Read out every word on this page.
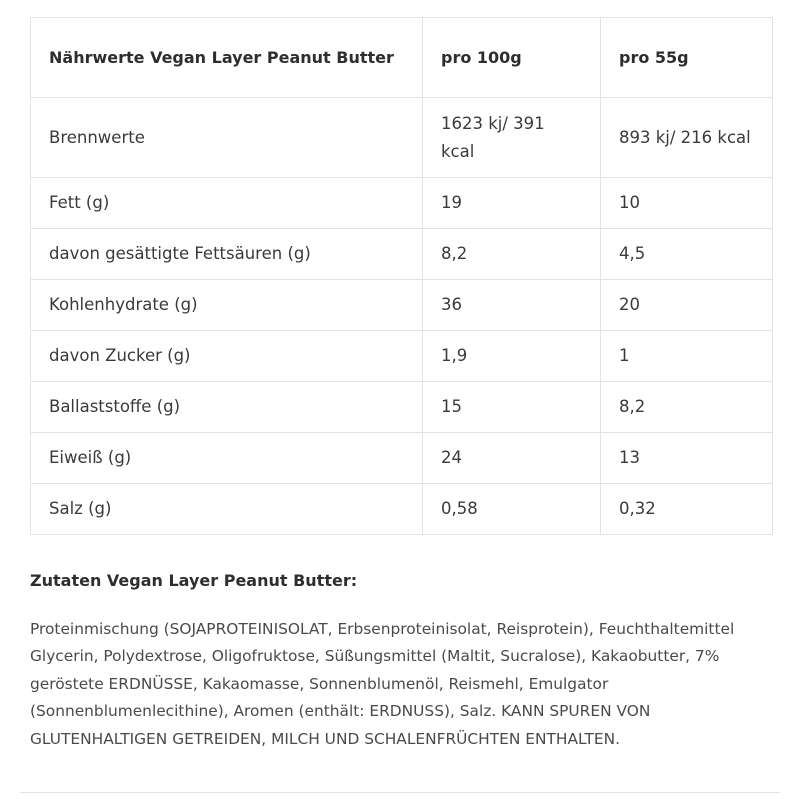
Nährwerte Vegan Layer Peanut Butter	pro 100g	pro 55g
Brennwerte	1623 kj/ 391 kcal	893 kj/ 216 kcal
Fett (g)	19	10
davon gesättigte Fettsäuren (g)	8,2	4,5
Kohlenhydrate (g)	36	20
davon Zucker (g)	1,9	1
Ballaststoffe (g)	15	8,2
Eiweiß (g)	24	13
Salz (g)	0,58	0,32
Zutaten Vegan Layer Peanut Butter:

Proteinmischung (SOJAPROTEINISOLAT, Erbsenproteinisolat, Reisprotein), Feuchthaltemittel Glycerin, Polydextrose, Oligofruktose, Süßungsmittel (Maltit, Sucralose), Kakaobutter, 7% geröstete ERDNÜSSE, Kakaomasse, Sonnenblumenöl, Reismehl, Emulgator (Sonnenblumenlecithine), Aromen (enthält: ERDNUSS), Salz. KANN SPUREN VON GLUTENHALTIGEN GETREIDEN, MILCH UND SCHALENFRÜCHTEN ENTHALTEN.
